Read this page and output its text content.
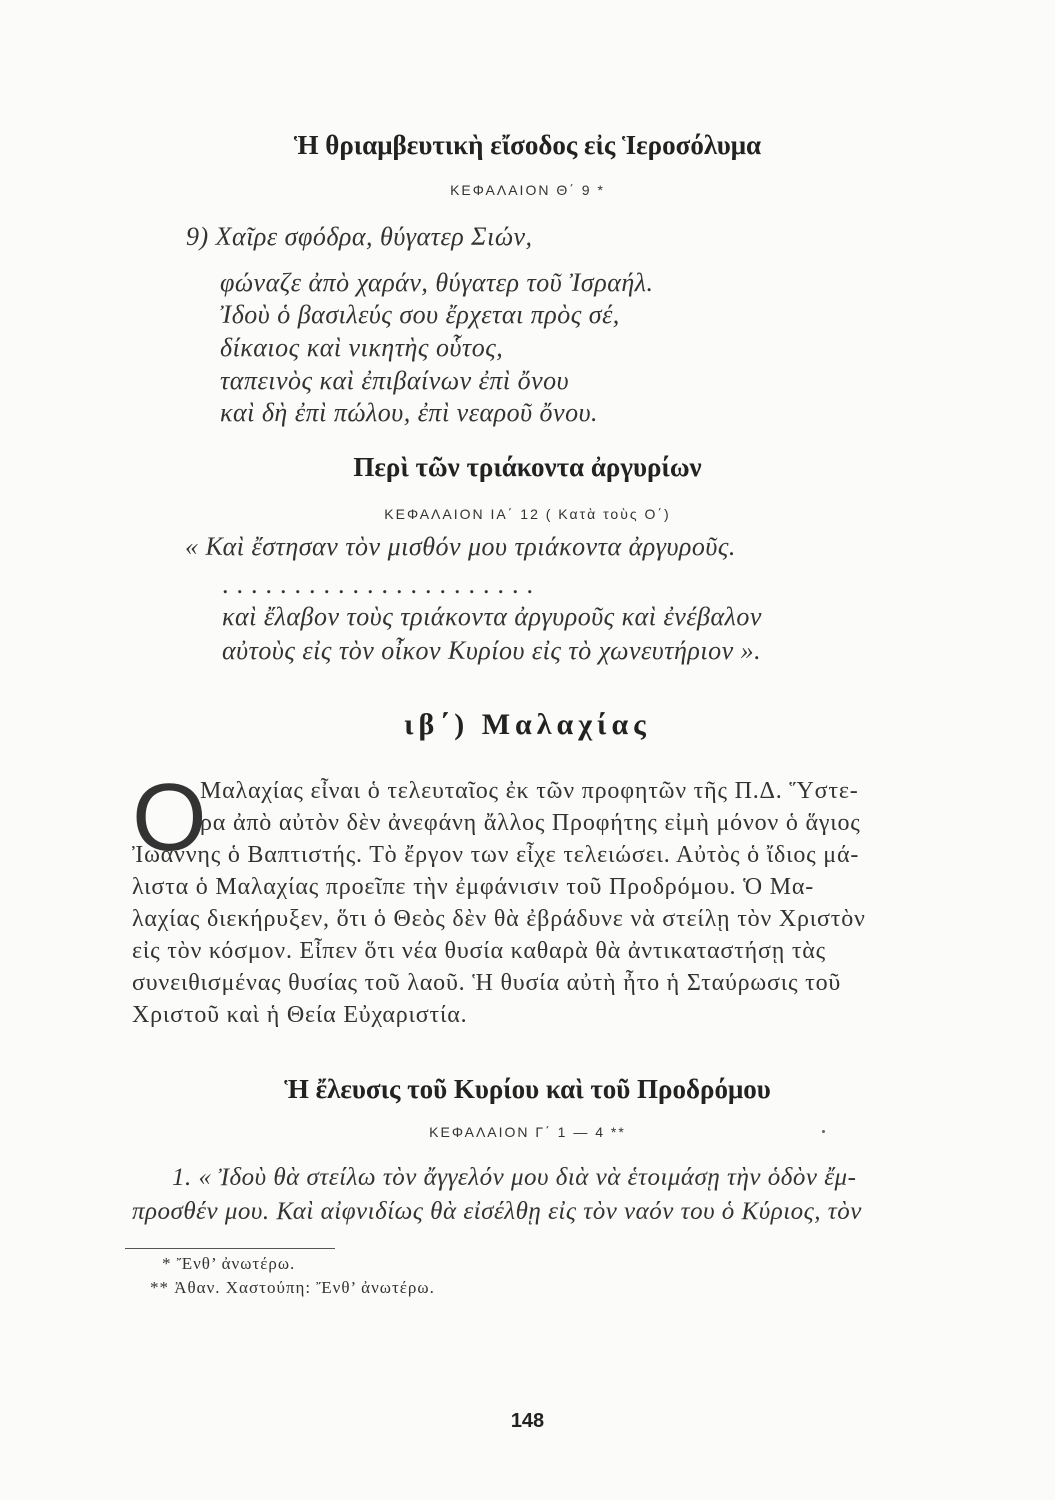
Ἡ θριαμβευτικὴ εἴσοδος εἰς Ἱεροσόλυμα
ΚΕΦΑΛΑΙΟΝ Θ΄ 9 *
9) Χαῖρε σφόδρα, θύγατερ Σιών,
φώναζε ἀπὸ χαράν, θύγατερ τοῦ Ἰσραήλ.
Ἰδοὺ ὁ βασιλεύς σου ἔρχεται πρὸς σέ,
δίκαιος καὶ νικητὴς οὗτος,
ταπεινὸς καὶ ἐπιβαίνων ἐπὶ ὄνου
καὶ δὴ ἐπὶ πώλου, ἐπὶ νεαροῦ ὄνου.
Περὶ τῶν τριάκοντα ἀργυρίων
ΚΕΦΑΛΑΙΟΝ ΙΑ΄ 12 ( Κατὰ τοὺς Ο΄)
« Καὶ ἔστησαν τὸν μισθόν μου τριάκοντα ἀργυροῦς.
......................
καὶ ἔλαβον τοὺς τριάκοντα ἀργυροῦς καὶ ἐνέβαλον
αὐτοὺς εἰς τὸν οἶκον Κυρίου εἰς τὸ χωνευτήριον ».
ιβ΄) Μαλαχίας
Ο
Μαλαχίας εἶναι ὁ τελευταῖος ἐκ τῶν προφητῶν τῆς Π.Δ. Ὕστε-
ρα ἀπὸ αὐτὸν δὲν ἀνεφάνη ἄλλος Προφήτης εἰμὴ μόνον ὁ ἅγιος
Ἰωάννης ὁ Βαπτιστής. Τὸ ἔργον των εἶχε τελειώσει. Αὐτὸς ὁ ἴδιος μά-
λιστα ὁ Μαλαχίας προεῖπε τὴν ἐμφάνισιν τοῦ Προδρόμου. Ὁ Μα-
λαχίας διεκήρυξεν, ὅτι ὁ Θεὸς δὲν θὰ ἐβράδυνε νὰ στείλῃ τὸν Χριστὸν
εἰς τὸν κόσμον. Εἶπεν ὅτι νέα θυσία καθαρὰ θὰ ἀντικαταστήσῃ τὰς
συνειθισμένας θυσίας τοῦ λαοῦ. Ἡ θυσία αὐτὴ ἦτο ἡ Σταύρωσις τοῦ
Χριστοῦ καὶ ἡ Θεία Εὐχαριστία.
Ἡ ἔλευσις τοῦ Κυρίου καὶ τοῦ Προδρόμου
ΚΕΦΑΛΑΙΟΝ Γ΄ 1 — 4 **
1. « Ἰδοὺ θὰ στείλω τὸν ἄγγελόν μου διὰ νὰ ἑτοιμάσῃ τὴν ὁδὸν ἔμ-
προσθέν μου. Καὶ αἰφνιδίως θὰ εἰσέλθῃ εἰς τὸν ναόν του ὁ Κύριος, τὸν
* Ἔνθ’ ἀνωτέρω.
** Ἀθαν. Χαστούπη: Ἔνθ’ ἀνωτέρω.
148
